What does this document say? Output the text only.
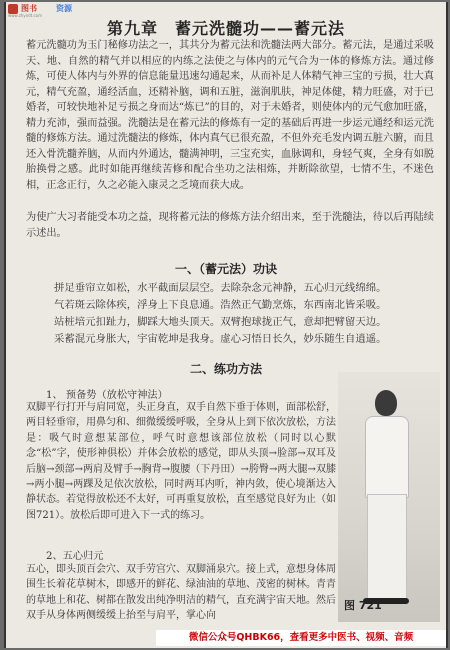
图书 资源
www.zhyxdt.com
第九章　蓄元洗髓功——蓄元法
蓄元洗髓功为玉门秘修功法之一，其共分为蓄元法和洗髓法两大部分。蓄元法，是通过采吸天、地、自然的精气并以相应的内练之法使之与体内的元气合为一体的修炼方法。通过修炼，可使人体内与外界的信息能量迅速勾通起来，从而补足人体精气神三宝的亏损，壮大真元，精气充盈，通经活血，还精补脑，调和五脏，滋润肌肤，神足体健，精力旺盛，对于已婚者，可较快地补足亏损之身而达“炼已”的目的，对于未婚者，则使体内的元气愈加旺盛，精力充沛，强而益强。洗髓法是在蓄元法的修炼有一定的基础后再进一步运元通经和运元洗髓的修炼方法。通过洗髓法的修炼，体内真气已很充盈，不但外充毛发内调五脏六腑，而且还入骨洗髓养脑，从而内外通达，髓满神明，三宝充实，血脉调和，身轻气爽，全身有如脱胎换骨之感。此时如能再继续苦修和配合坐功之法相炼，并断除欲望，七情不生，不迷色相，正念正行，久之必能入康灵之乏境而获大成。
为使广大习者能受本功之益，现将蓄元法的修炼方法介绍出来，至于洗髓法，待以后再陆续示述出。
一、（蓄元法）功诀
拼足垂帘立如松，水平截面层层空。去除杂念元神静，五心归元线绵绵。
气若斑云除体疾，浮身上下良息通。浩然正气勤烹炼，东西南北皆采吸。
站桩培元扣趾力，脚踩大地头顶天。双臂抱球拢正气，意却把臂留天边。
采蓄混元身胀大，宇宙乾坤是我身。虚心习悟日长久，妙乐随生自逍遥。
二、练功方法
1、 预备势（放松守神法）
双脚平行打开与肩同宽，头正身直，双手自然下垂于体则，面部松舒，两目轻垂帘，用鼻匀和、细微缓缓呼吸，全身从上到下依次放松，方法是：吸气时意想某部位，呼气时意想该部位放松（同时以心默念“松”字，使形神俱松）并体会放松的感觉，即从头顶→脸部→双耳及后脑→颈部→两肩及臂手→胸背→腹腰（下丹田）→胯臀→两大腿→双膝→两小腿→两踝及足依次放松，同时两耳内听，神内敛，使心境渐达入静状态。若觉得放松还不太好，可再重复放松，直至感觉良好为止（如 图721）。放松后即可进入下一式的练习。
2、五心归元
五心，即头顶百会穴、双手劳宫穴、双脚涌泉穴。接上式，意想身体周围生长着花草树木，即感开的鲜花、绿油油的草地、茂密的树林。青青的草地上和花、树都在散发出纯净明洁的精气，直充满宇宙天地。然后双手从身体两侧缓缓上抬至与肩平，掌心向
图 721
微信公众号QHBK66，查看更多中医书、视频、音频
